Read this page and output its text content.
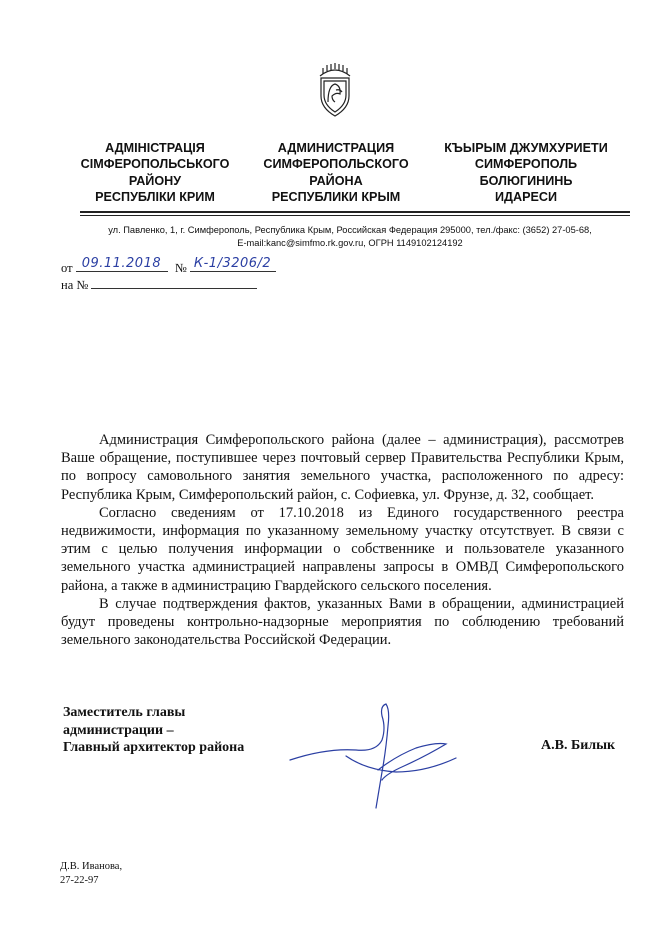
АДМІНІСТРАЦІЯ
СІМФЕРОПОЛЬСЬКОГО
РАЙОНУ
РЕСПУБЛІКИ КРИМ
АДМИНИСТРАЦИЯ
СИМФЕРОПОЛЬСКОГО
РАЙОНА
РЕСПУБЛИКИ КРЫМ
КЪЫРЫМ ДЖУМХУРИЕТИ
СИМФЕРОПОЛЬ
БОЛЮГИНИНЬ
ИДАРЕСИ
ул. Павленко, 1, г. Симферополь, Республика Крым, Российская Федерация 295000, тел./факс: (3652) 27-05-68,
E-mail:kanc@simfmo.rk.gov.ru, ОГРН 1149102124192
от 09.11.2018 № К-1/3206/2
на №

Администрация Симферопольского района (далее – администрация), рассмотрев Ваше обращение, поступившее через почтовый сервер Правительства Республики Крым, по вопросу самовольного занятия земельного участка, расположенного по адресу: Республика Крым, Симферопольский район, с. Софиевка, ул. Фрунзе, д. 32, сообщает.

Согласно сведениям от 17.10.2018 из Единого государственного реестра недвижимости, информация по указанному земельному участку отсутствует. В связи с этим с целью получения информации о собственнике и пользователе указанного земельного участка администрацией направлены запросы в ОМВД Симферопольского района, а также в администрацию Гвардейского сельского поселения.

В случае подтверждения фактов, указанных Вами в обращении, администрацией будут проведены контрольно-надзорные мероприятия по соблюдению требований земельного законодательства Российской Федерации.

Заместитель главы
администрации –
Главный архитектор района	А.В. Билык
Д.В. Иванова,
27-22-97
